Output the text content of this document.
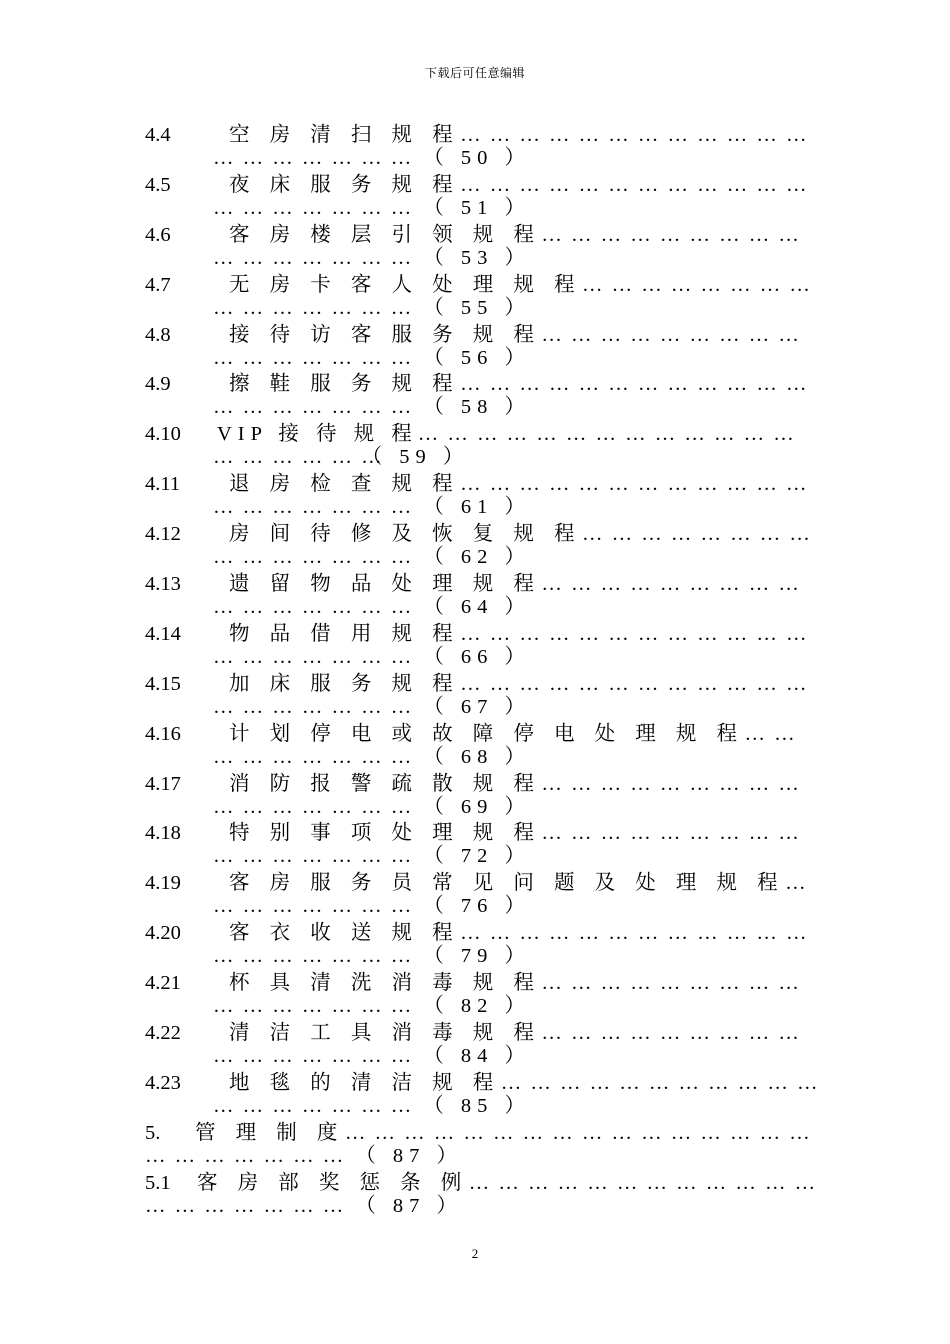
下载后可任意编辑
4.4	空 房 清 扫 规 程… … … … … … … … … … … …
… … … … … … … （ 50 ）
4.5	夜 床 服 务 规 程… … … … … … … … … … … …
… … … … … … … （ 51 ）
4.6	客 房 楼 层 引 领 规 程… … … … … … … … …
… … … … … … … （ 53 ）
4.7	无 房 卡 客 人 处 理 规 程… … … … … … … …
… … … … … … … （ 55 ）
4.8	接 待 访 客 服 务 规 程… … … … … … … … …
… … … … … … … （ 56 ）
4.9	擦 鞋 服 务 规 程… … … … … … … … … … … …
… … … … … … … （ 58 ）
4.10 VIP 接 待 规 程… … … … … … … … … … … … …
… … … … … …（ 59 ）
4.11 退 房 检 查 规 程… … … … … … … … … … … …
… … … … … … … （ 61 ）
4.12 房 间 待 修 及 恢 复 规 程… … … … … … … …
… … … … … … … （ 62 ）
4.13 遗 留 物 品 处 理 规 程… … … … … … … … …
… … … … … … … （ 64 ）
4.14 物 品 借 用 规 程… … … … … … … … … … … …
… … … … … … … （ 66 ）
4.15 加 床 服 务 规 程… … … … … … … … … … … …
… … … … … … … （ 67 ）
4.16 计 划 停 电 或 故 障 停 电 处 理 规 程… …
… … … … … … … （ 68 ）
4.17 消 防 报 警 疏 散 规 程… … … … … … … … …
… … … … … … … （ 69 ）
4.18 特 别 事 项 处 理 规 程… … … … … … … … …
… … … … … … … （ 72 ）
4.19 客 房 服 务 员 常 见 问 题 及 处 理 规 程…
… … … … … … … （ 76 ）
4.20 客 衣 收 送 规 程… … … … … … … … … … … …
… … … … … … … （ 79 ）
4.21 杯 具 清 洗 消 毒 规 程… … … … … … … … …
… … … … … … … （ 82 ）
4.22 清 洁 工 具 消 毒 规 程… … … … … … … … …
… … … … … … … （ 84 ）
4.23 地 毯 的 清 洁 规 程… … … … … … … … … … …
… … … … … … … （ 85 ）
5. 管 理 制 度… … … … … … … … … … … … … … … …
… … … … … … … （ 87 ）
5.1 客 房 部 奖 惩 条 例… … … … … … … … … … … …
… … … … … … … （ 87 ）
2
